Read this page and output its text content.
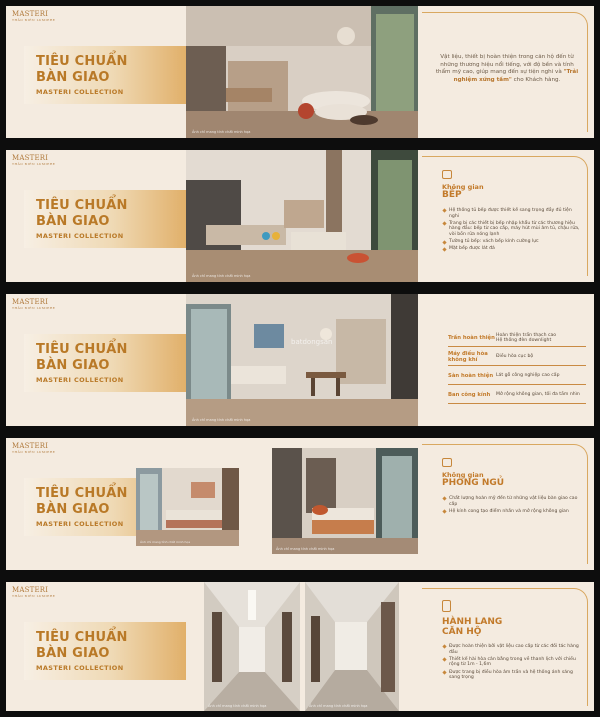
MASTERI
THẢO ĐIỀN LUMIERE
TIÊU CHUẨN
BÀN GIAO
MASTERI COLLECTION
Ảnh chỉ mang tính chất minh họa

Vật liệu, thiết bị hoàn thiện trong căn hộ đến từ những thương hiệu nổi tiếng, với độ bền và tính thẩm mỹ cao, giúp mang đến sự tiện nghi và "Trải nghiệm xứng tầm" cho Khách hàng.

MASTERI
THẢO ĐIỀN LUMIERE
TIÊU CHUẨN
BÀN GIAO
MASTERI COLLECTION
Ảnh chỉ mang tính chất minh họa
Không gian
BẾP
Hệ thống tủ bếp được thiết kế sang trọng đầy đủ tiện nghi
Trang bị các thiết bị bếp nhập khẩu từ các thương hiệu hàng đầu: bếp từ cao cấp, máy hút mùi âm tủ, chậu rửa, vòi bồn rửa nóng lạnh
Tường tủ bếp: vách bếp kính cường lực
Mặt bếp được lát đá
MASTERI
THẢO ĐIỀN LUMIERE
TIÊU CHUẨN
BÀN GIAO
MASTERI COLLECTION
batdongsan
Ảnh chỉ mang tính chất minh họa
Trần hoàn thiện Hoàn thiện trần thạch cao
Hệ thống đèn downlight
Máy điều hòa không khí
Điều hòa cục bộ
Sàn hoàn thiện Lát gỗ công nghiệp cao cấp
Ban công kính	Mở rộng không gian, tối đa tầm nhìn
MASTERI
THẢO ĐIỀN LUMIERE
TIÊU CHUẨN
BÀN GIAO
MASTERI COLLECTION
Ảnh chỉ mang tính chất minh họa
Ảnh chỉ mang tính chất minh họa
Không gian
PHÒNG NGỦ
Chất lượng hoàn mỹ đến từ những vật liệu bàn giao cao cấp
Hệ kính cong tạo điểm nhấn và mở rộng không gian
MASTERI
THẢO ĐIỀN LUMIERE
TIÊU CHUẨN
BÀN GIAO
MASTERI COLLECTION
Ảnh chỉ mang tính chất minh họa	Ảnh chỉ mang tính chất minh họa
HÀNH LANG
CĂN HỘ
Được hoàn thiện bởi vật liệu cao cấp từ các đối tác hàng đầu
Thiết kế hài hòa cân bằng trong về thanh lịch với chiều rộng từ 1m - 1,6m
Được trang bị điều hòa âm trần và hệ thống ánh sáng sang trọng
